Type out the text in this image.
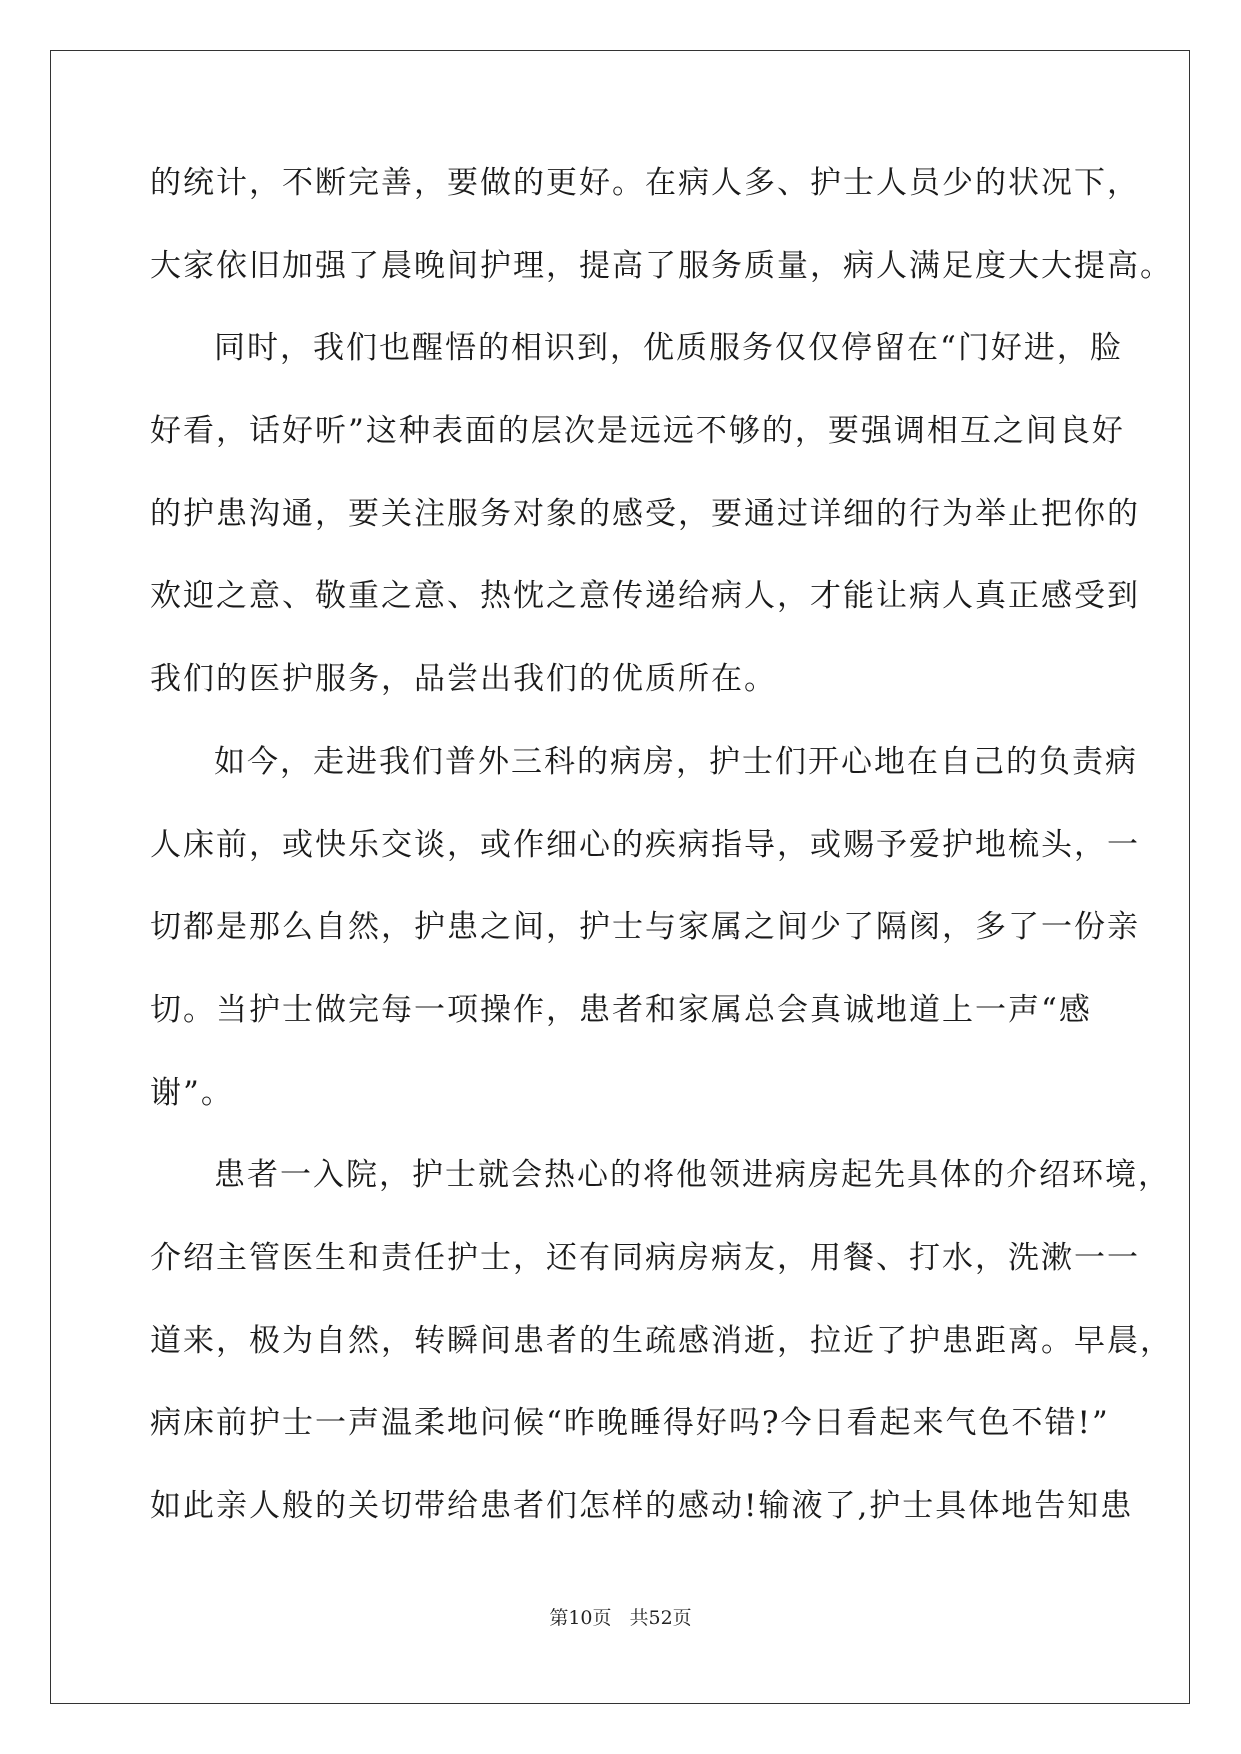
的统计，不断完善，要做的更好。在病人多、护士人员少的状况下，
大家依旧加强了晨晚间护理，提高了服务质量，病人满足度大大提高。
同时，我们也醒悟的相识到，优质服务仅仅停留在“门好进，脸
好看，话好听”这种表面的层次是远远不够的，要强调相互之间良好
的护患沟通，要关注服务对象的感受，要通过详细的行为举止把你的
欢迎之意、敬重之意、热忱之意传递给病人，才能让病人真正感受到
我们的医护服务，品尝出我们的优质所在。
如今，走进我们普外三科的病房，护士们开心地在自己的负责病
人床前，或快乐交谈，或作细心的疾病指导，或赐予爱护地梳头，一
切都是那么自然，护患之间，护士与家属之间少了隔阂，多了一份亲
切。当护士做完每一项操作，患者和家属总会真诚地道上一声“感
谢”。
患者一入院，护士就会热心的将他领进病房起先具体的介绍环境，
介绍主管医生和责任护士，还有同病房病友，用餐、打水，洗漱一一
道来，极为自然，转瞬间患者的生疏感消逝，拉近了护患距离。早晨，
病床前护士一声温柔地问候“昨晚睡得好吗?今日看起来气色不错!”
如此亲人般的关切带给患者们怎样的感动!输液了,护士具体地告知患
第10页 共52页
